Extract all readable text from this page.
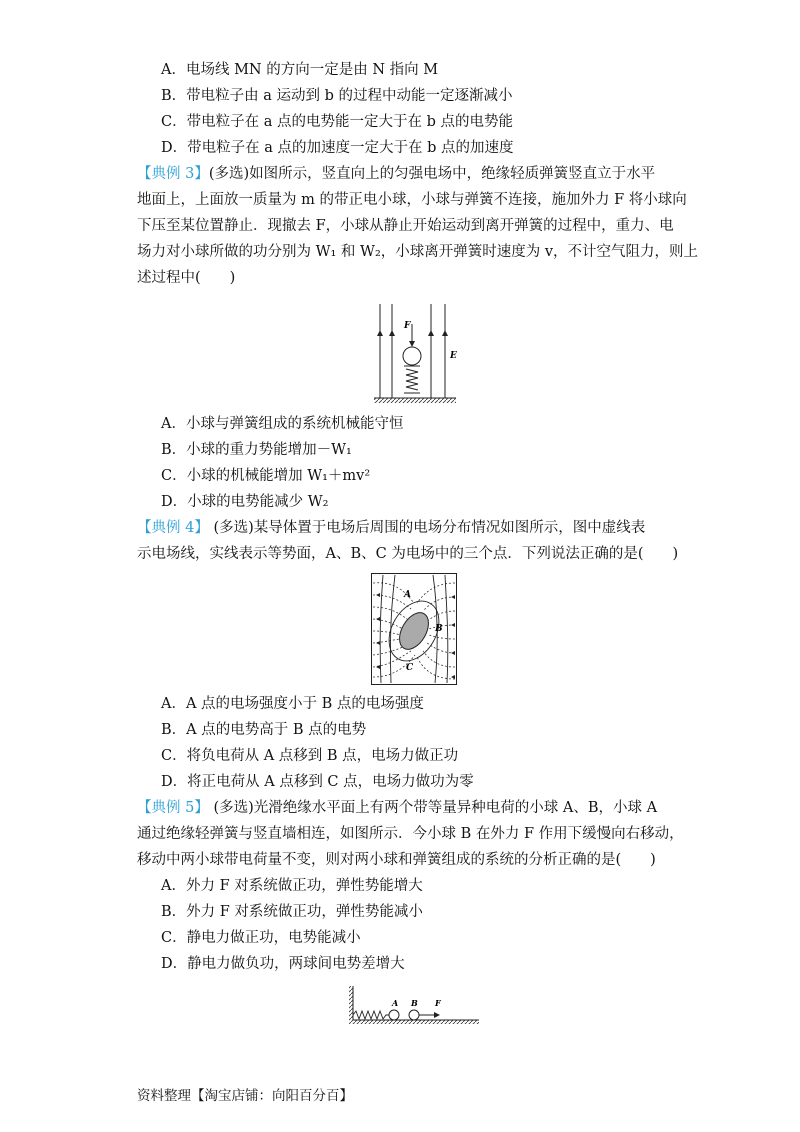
A．电场线 MN 的方向一定是由 N 指向 M
B．带电粒子由 a 运动到 b 的过程中动能一定逐渐减小
C．带电粒子在 a 点的电势能一定大于在 b 点的电势能
D．带电粒子在 a 点的加速度一定大于在 b 点的加速度
【典例 3】(多选)如图所示，竖直向上的匀强电场中，绝缘轻质弹簧竖直立于水平
地面上，上面放一质量为 m 的带正电小球，小球与弹簧不连接，施加外力 F 将小球向
下压至某位置静止．现撤去 F，小球从静止开始运动到离开弹簧的过程中，重力、电
场力对小球所做的功分别为 W₁ 和 W₂，小球离开弹簧时速度为 v，不计空气阻力，则上
述过程中(　　)
F
E
A．小球与弹簧组成的系统机械能守恒
B．小球的重力势能增加－W₁
C．小球的机械能增加 W₁＋mv²
D．小球的电势能减少 W₂
【典例 4】 (多选)某导体置于电场后周围的电场分布情况如图所示，图中虚线表
示电场线，实线表示等势面，A、B、C 为电场中的三个点．下列说法正确的是(　　)
A
B
C
A．A 点的电场强度小于 B 点的电场强度
B．A 点的电势高于 B 点的电势
C．将负电荷从 A 点移到 B 点，电场力做正功
D．将正电荷从 A 点移到 C 点，电场力做功为零
【典例 5】 (多选)光滑绝缘水平面上有两个带等量异种电荷的小球 A、B，小球 A
通过绝缘轻弹簧与竖直墙相连，如图所示．今小球 B 在外力 F 作用下缓慢向右移动，
移动中两小球带电荷量不变，则对两小球和弹簧组成的系统的分析正确的是(　　)
A．外力 F 对系统做正功，弹性势能增大
B．外力 F 对系统做正功，弹性势能减小
C．静电力做正功，电势能减小
D．静电力做负功，两球间电势差增大
A B F
资料整理【淘宝店铺：向阳百分百】
